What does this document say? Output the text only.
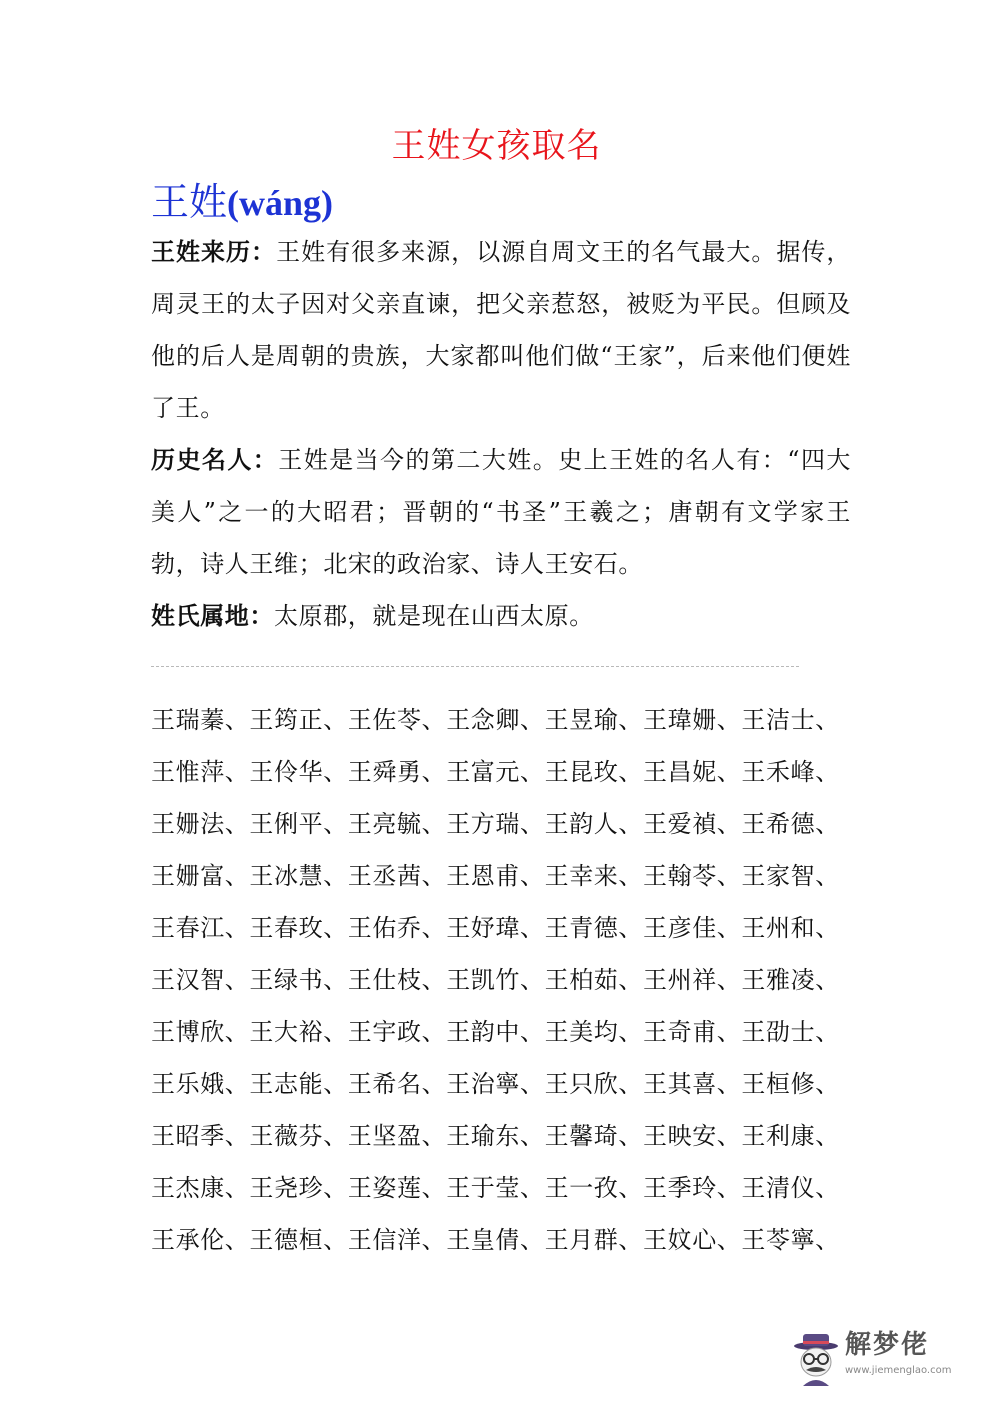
王姓女孩取名
王姓(wáng)
王姓来历：王姓有很多来源，以源自周文王的名气最大。据传，周灵王的太子因对父亲直谏，把父亲惹怒，被贬为平民。但顾及他的后人是周朝的贵族，大家都叫他们做“王家”，后来他们便姓了王。
历史名人：王姓是当今的第二大姓。史上王姓的名人有：“四大美人”之一的大昭君；晋朝的“书圣”王羲之；唐朝有文学家王勃，诗人王维；北宋的政治家、诗人王安石。
姓氏属地：太原郡，就是现在山西太原。
王瑞蓁、王筠正、王佐苓、王念卿、王昱瑜、王瑋姗、王洁士、
王惟萍、王伶华、王舜勇、王富元、王昆玫、王昌妮、王禾峰、
王姗法、王俐平、王亮毓、王方瑞、王韵人、王爱禎、王希德、
王姗富、王冰慧、王丞茜、王恩甫、王幸来、王翰苓、王家智、
王春江、王春玫、王佑乔、王妤瑋、王青德、王彦佳、王州和、
王汉智、王绿书、王仕枝、王凯竹、王柏茹、王州祥、王雅凌、
王博欣、王大裕、王宇政、王韵中、王美均、王奇甫、王劭士、
王乐娥、王志能、王希名、王治寧、王只欣、王其喜、王桓修、
王昭季、王薇芬、王坚盈、王瑜东、王馨琦、王映安、王利康、
王杰康、王尧珍、王姿莲、王于莹、王一孜、王季玲、王清仪、
王承伦、王德桓、王信洋、王皇倩、王月群、王妏心、王苓寧、
解梦佬
www.jiemenglao.com
